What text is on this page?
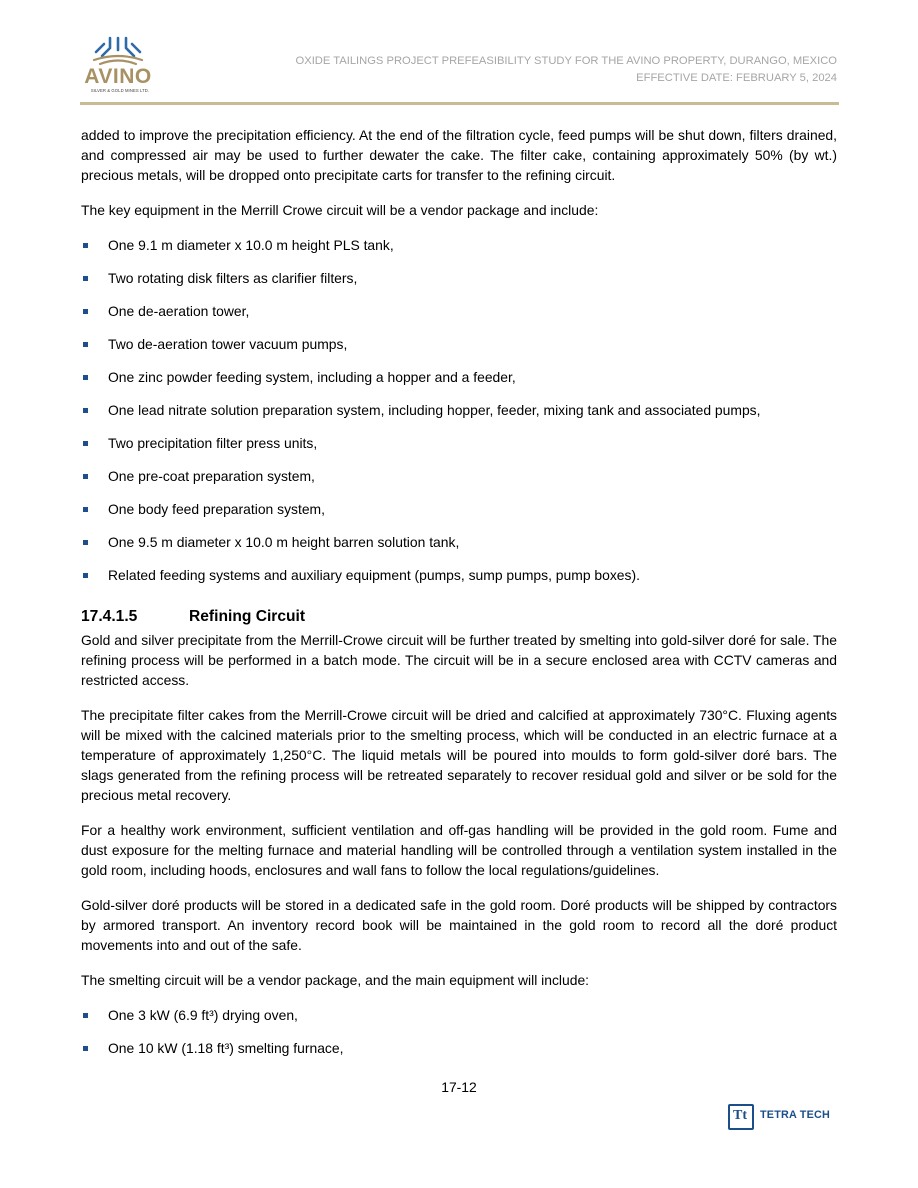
AVINO
SILVER & GOLD MINES LTD.
OXIDE TAILINGS PROJECT PREFEASIBILITY STUDY FOR THE AVINO PROPERTY, DURANGO, MEXICO
EFFECTIVE DATE: FEBRUARY 5, 2024

added to improve the precipitation efficiency. At the end of the filtration cycle, feed pumps will be shut down, filters drained, and compressed air may be used to further dewater the cake. The filter cake, containing approximately 50% (by wt.) precious metals, will be dropped onto precipitate carts for transfer to the refining circuit.

The key equipment in the Merrill Crowe circuit will be a vendor package and include:

One 9.1 m diameter x 10.0 m height PLS tank,
Two rotating disk filters as clarifier filters,
One de-aeration tower,
Two de-aeration tower vacuum pumps,
One zinc powder feeding system, including a hopper and a feeder,
One lead nitrate solution preparation system, including hopper, feeder, mixing tank and associated pumps,
Two precipitation filter press units,
One pre-coat preparation system,
One body feed preparation system,
One 9.5 m diameter x 10.0 m height barren solution tank,
Related feeding systems and auxiliary equipment (pumps, sump pumps, pump boxes).
17.4.1.5	Refining Circuit

Gold and silver precipitate from the Merrill-Crowe circuit will be further treated by smelting into gold-silver doré for sale. The refining process will be performed in a batch mode. The circuit will be in a secure enclosed area with CCTV cameras and restricted access.

The precipitate filter cakes from the Merrill-Crowe circuit will be dried and calcified at approximately 730°C. Fluxing agents will be mixed with the calcined materials prior to the smelting process, which will be conducted in an electric furnace at a temperature of approximately 1,250°C. The liquid metals will be poured into moulds to form gold-silver doré bars. The slags generated from the refining process will be retreated separately to recover residual gold and silver or be sold for the precious metal recovery.

For a healthy work environment, sufficient ventilation and off-gas handling will be provided in the gold room. Fume and dust exposure for the melting furnace and material handling will be controlled through a ventilation system installed in the gold room, including hoods, enclosures and wall fans to follow the local regulations/guidelines.

Gold-silver doré products will be stored in a dedicated safe in the gold room. Doré products will be shipped by contractors by armored transport. An inventory record book will be maintained in the gold room to record all the doré product movements into and out of the safe.

The smelting circuit will be a vendor package, and the main equipment will include:

One 3 kW (6.9 ft³) drying oven,
One 10 kW (1.18 ft³) smelting furnace,
17-12
Tt TETRA TECH
